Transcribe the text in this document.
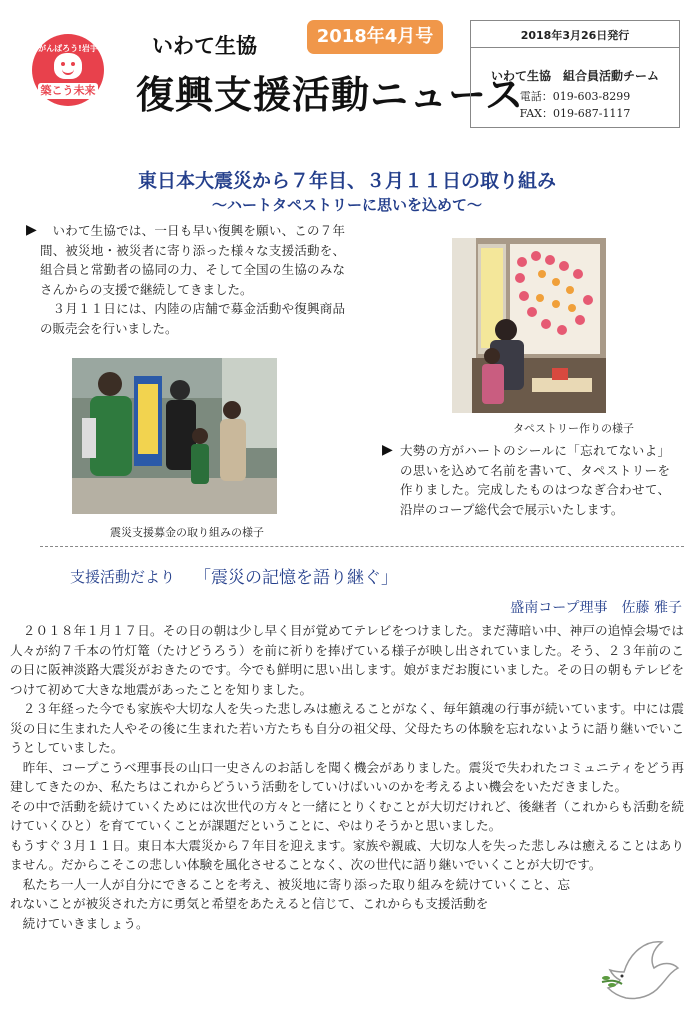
がんばろう!岩手
築こう未来
いわて生協	2018年4月号
復興支援活動ニュース
2018年3月26日発行
いわて生協　組合員活動チーム
電話：019-603-8299
FAX：019-687-1117
東日本大震災から７年目、３月１１日の取り組み
～ハートタペストリーに思いを込めて～
▶	いわて生協では、一日も早い復興を願い、この７年間、被災地・被災者に寄り添った様々な支援活動を、組合員と常勤者の協同の力、そして全国の生協のみなさんからの支援で継続してきました。
３月１１日には、内陸の店舗で募金活動や復興商品の販売会を行いました。
震災支援募金の取り組みの様子
タペストリー作りの様子
▶ 大勢の方がハートのシールに「忘れてないよ」の思いを込めて名前を書いて、タペストリーを作りました。完成したものはつなぎ合わせて、沿岸のコープ総代会で展示いたします。
支援活動だより 「震災の記憶を語り継ぐ」
盛南コープ理事　佐藤 雅子

　２０１８年１月１７日。その日の朝は少し早く目が覚めてテレビをつけました。まだ薄暗い中、神戸の追悼会場では人々が約７千本の竹灯篭（たけどうろう）を前に祈りを捧げている様子が映し出されていました。そう、２３年前のこの日に阪神淡路大震災がおきたのです。今でも鮮明に思い出します。娘がまだお腹にいました。その日の朝もテレビをつけて初めて大きな地震があったことを知りました。

　２３年経った今でも家族や大切な人を失った悲しみは癒えることがなく、毎年鎮魂の行事が続いています。中には震災の日に生まれた人やその後に生まれた若い方たちも自分の祖父母、父母たちの体験を忘れないように語り継いでいこうとしていました。

　昨年、コープこうべ理事長の山口一史さんのお話しを聞く機会がありました。震災で失われたコミュニティをどう再建してきたのか、私たちはこれからどういう活動をしていけばいいのかを考えるよい機会をいただきました。

その中で活動を続けていくためには次世代の方々と一緒にとりくむことが大切だけれど、後継者（これからも活動を続けていくひと）を育てていくことが課題だということに、やはりそうかと思いました。

もうすぐ３月１１日。東日本大震災から７年目を迎えます。家族や親戚、大切な人を失った悲しみは癒えることはありません。だからこそこの悲しい体験を風化させることなく、次の世代に語り継いでいくことが大切です。

　私たち一人一人が自分にできることを考え、被災地に寄り添った取り組みを続けていくこと、忘れないことが被災された方に勇気と希望をあたえると信じて、これからも支援活動を

　続けていきましょう。
